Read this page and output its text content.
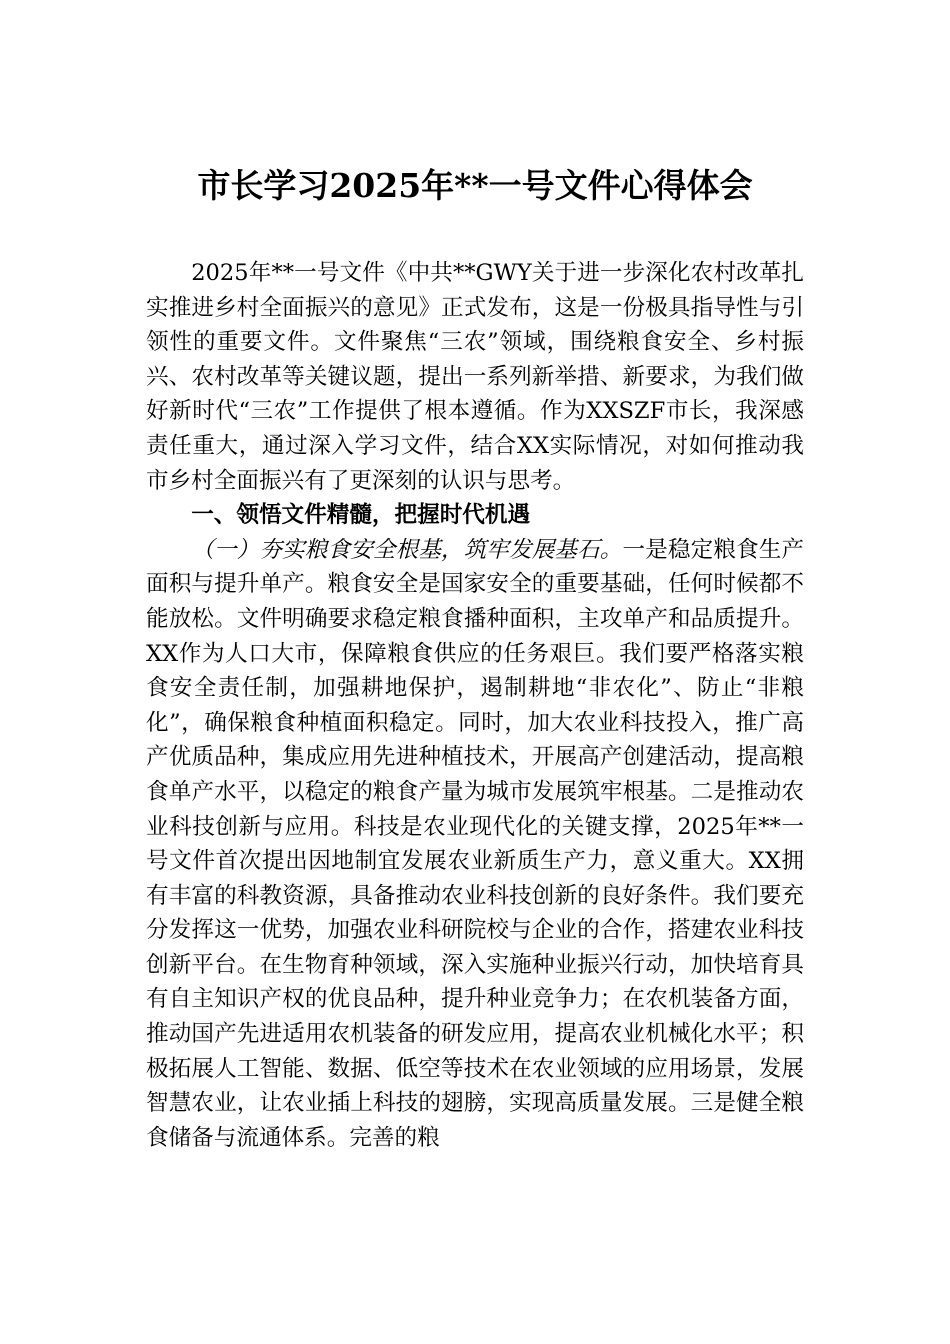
市长学习2025年**一号文件心得体会

2025年**一号文件《中共**GWY关于进一步深化农村改革扎实推进乡村全面振兴的意见》正式发布，这是一份极具指导性与引领性的重要文件。文件聚焦“三农”领域，围绕粮食安全、乡村振兴、农村改革等关键议题，提出一系列新举措、新要求，为我们做好新时代“三农”工作提供了根本遵循。作为XXSZF市长，我深感责任重大，通过深入学习文件，结合XX实际情况，对如何推动我市乡村全面振兴有了更深刻的认识与思考。

一、领悟文件精髓，把握时代机遇

（一）夯实粮食安全根基，筑牢发展基石。一是稳定粮食生产面积与提升单产。粮食安全是国家安全的重要基础，任何时候都不能放松。文件明确要求稳定粮食播种面积，主攻单产和品质提升。XX作为人口大市，保障粮食供应的任务艰巨。我们要严格落实粮食安全责任制，加强耕地保护，遏制耕地“非农化”、防止“非粮化”，确保粮食种植面积稳定。同时，加大农业科技投入，推广高产优质品种，集成应用先进种植技术，开展高产创建活动，提高粮食单产水平，以稳定的粮食产量为城市发展筑牢根基。二是推动农业科技创新与应用。科技是农业现代化的关键支撑，2025年**一号文件首次提出因地制宜发展农业新质生产力，意义重大。XX拥有丰富的科教资源，具备推动农业科技创新的良好条件。我们要充分发挥这一优势，加强农业科研院校与企业的合作，搭建农业科技创新平台。在生物育种领域，深入实施种业振兴行动，加快培育具有自主知识产权的优良品种，提升种业竞争力；在农机装备方面，推动国产先进适用农机装备的研发应用，提高农业机械化水平；积极拓展人工智能、数据、低空等技术在农业领域的应用场景，发展智慧农业，让农业插上科技的翅膀，实现高质量发展。三是健全粮食储备与流通体系。完善的粮
